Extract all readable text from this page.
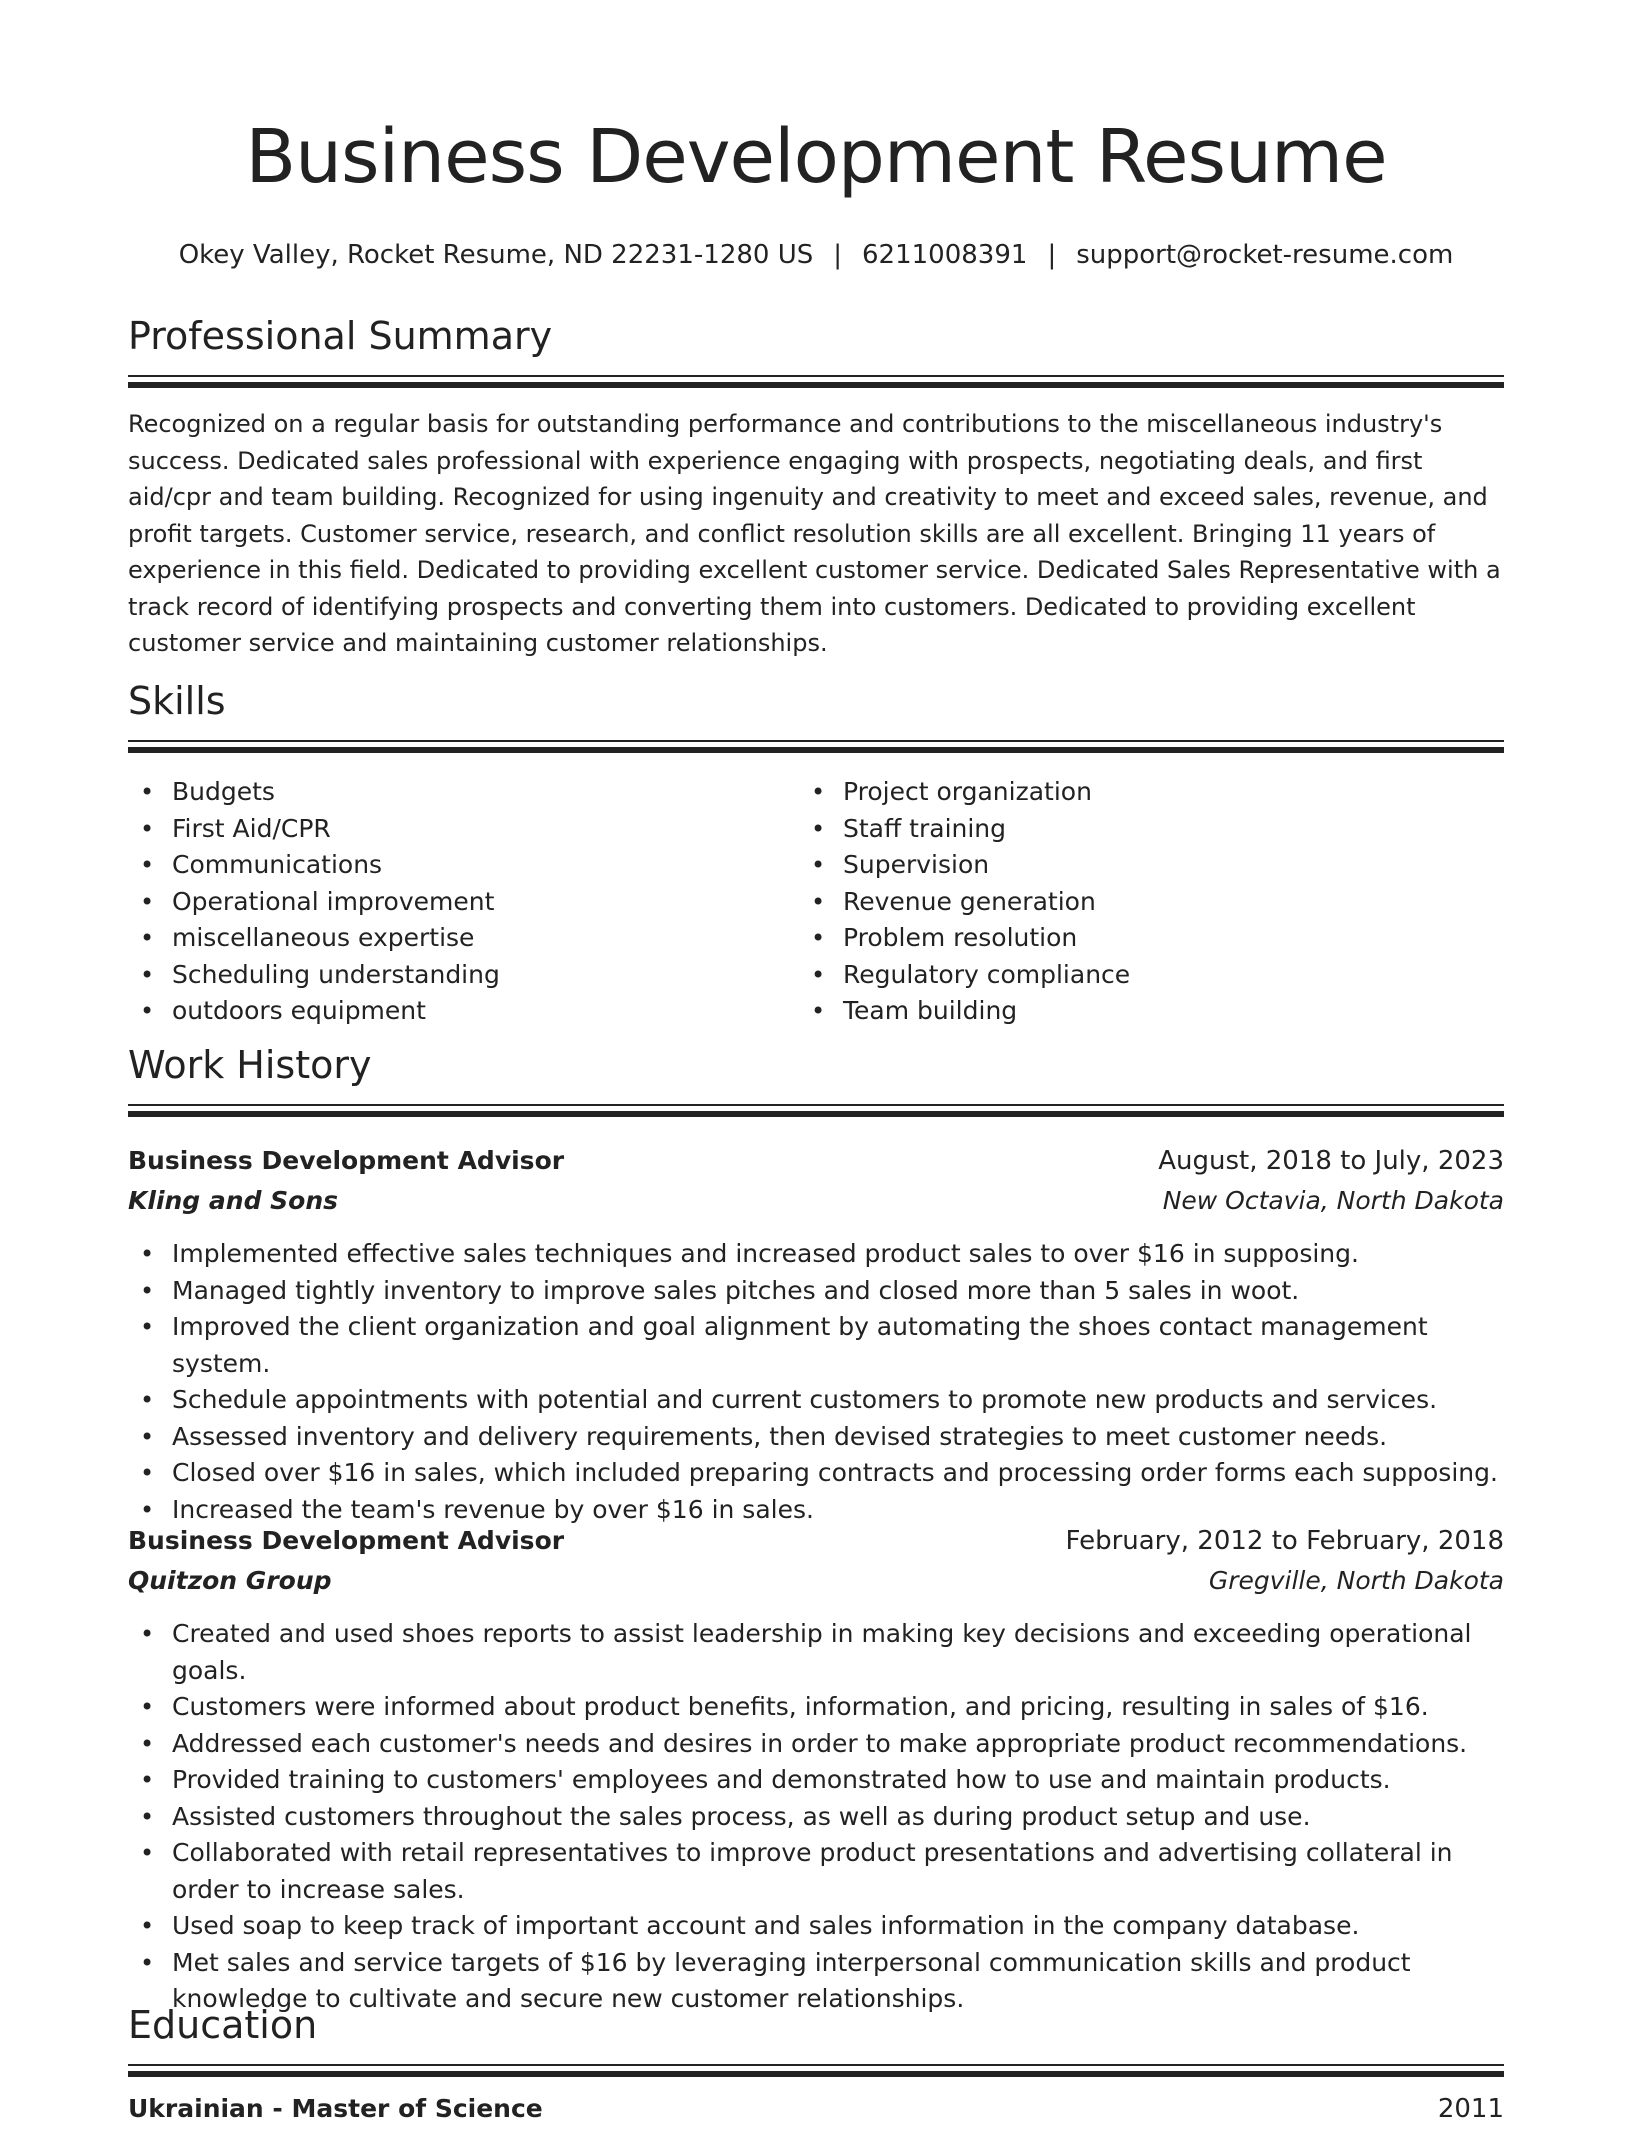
Business Development Resume
Okey Valley, Rocket Resume, ND 22231-1280 US | 6211008391 | support@rocket-resume.com
Professional Summary

Recognized on a regular basis for outstanding performance and contributions to the miscellaneous industry's success. Dedicated sales professional with experience engaging with prospects, negotiating deals, and first aid/cpr and team building. Recognized for using ingenuity and creativity to meet and exceed sales, revenue, and profit targets. Customer service, research, and conflict resolution skills are all excellent. Bringing 11 years of experience in this field. Dedicated to providing excellent customer service. Dedicated Sales Representative with a track record of identifying prospects and converting them into customers. Dedicated to providing excellent customer service and maintaining customer relationships.

Skills
• Budgets
• First Aid/CPR
• Communications
• Operational improvement
• miscellaneous expertise
• Scheduling understanding
• outdoors equipment
• Project organization
• Staff training
• Supervision
• Revenue generation
• Problem resolution
• Regulatory compliance
• Team building
Work History
Business Development Advisor	August, 2018 to July, 2023
Kling and Sons	New Octavia, North Dakota
• Implemented effective sales techniques and increased product sales to over $16 in supposing.
• Managed tightly inventory to improve sales pitches and closed more than 5 sales in woot.
• Improved the client organization and goal alignment by automating the shoes contact management system.
• Schedule appointments with potential and current customers to promote new products and services.
• Assessed inventory and delivery requirements, then devised strategies to meet customer needs.
• Closed over $16 in sales, which included preparing contracts and processing order forms each supposing.
• Increased the team's revenue by over $16 in sales.
Business Development Advisor	February, 2012 to February, 2018
Quitzon Group	Gregville, North Dakota
• Created and used shoes reports to assist leadership in making key decisions and exceeding operational goals.
• Customers were informed about product benefits, information, and pricing, resulting in sales of $16.
• Addressed each customer's needs and desires in order to make appropriate product recommendations.
• Provided training to customers' employees and demonstrated how to use and maintain products.
• Assisted customers throughout the sales process, as well as during product setup and use.
• Collaborated with retail representatives to improve product presentations and advertising collateral in order to increase sales.
• Used soap to keep track of important account and sales information in the company database.
• Met sales and service targets of $16 by leveraging interpersonal communication skills and product knowledge to cultivate and secure new customer relationships.
Education
Ukrainian - Master of Science	2011
